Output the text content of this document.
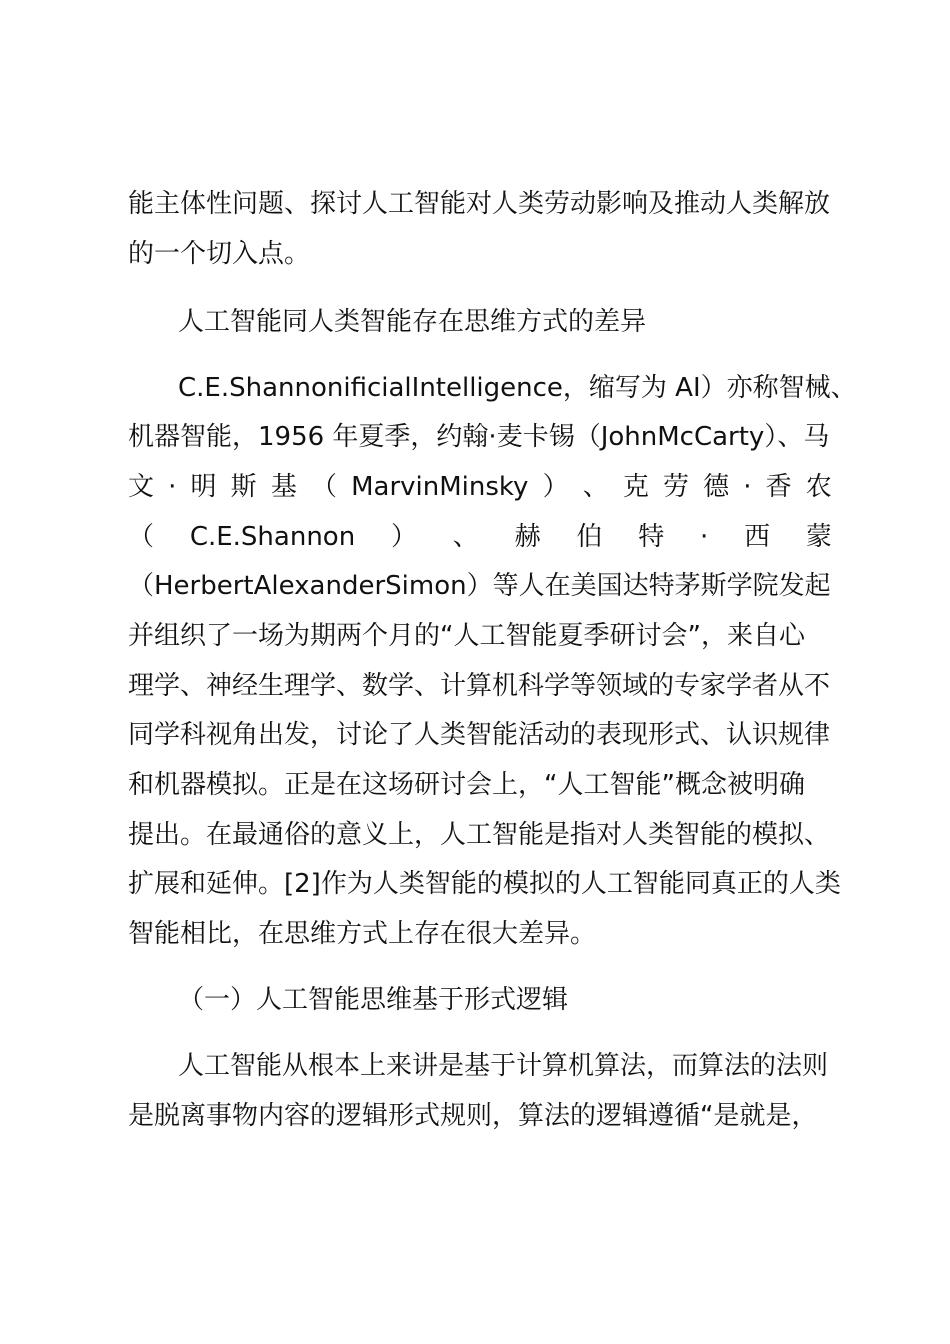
能主体性问题、探讨人工智能对人类劳动影响及推动人类解放
的一个切入点。
人工智能同人类智能存在思维方式的差异
C.E.ShannonificialIntelligence，缩写为 AI）亦称智械、
机器智能，1956 年夏季，约翰·麦卡锡（JohnMcCarty）、马
文 · 明 斯 基 （ MarvinMinsky ） 、 克 劳 德 · 香 农
（ C.E.Shannon ） 、 赫 伯 特 · 西 蒙
（HerbertAlexanderSimon）等人在美国达特茅斯学院发起
并组织了一场为期两个月的“人工智能夏季研讨会”，来自心
理学、神经生理学、数学、计算机科学等领域的专家学者从不
同学科视角出发，讨论了人类智能活动的表现形式、认识规律
和机器模拟。正是在这场研讨会上，“人工智能”概念被明确
提出。在最通俗的意义上，人工智能是指对人类智能的模拟、
扩展和延伸。[2]作为人类智能的模拟的人工智能同真正的人类
智能相比，在思维方式上存在很大差异。
（一）人工智能思维基于形式逻辑
人工智能从根本上来讲是基于计算机算法，而算法的法则
是脱离事物内容的逻辑形式规则，算法的逻辑遵循“是就是，
